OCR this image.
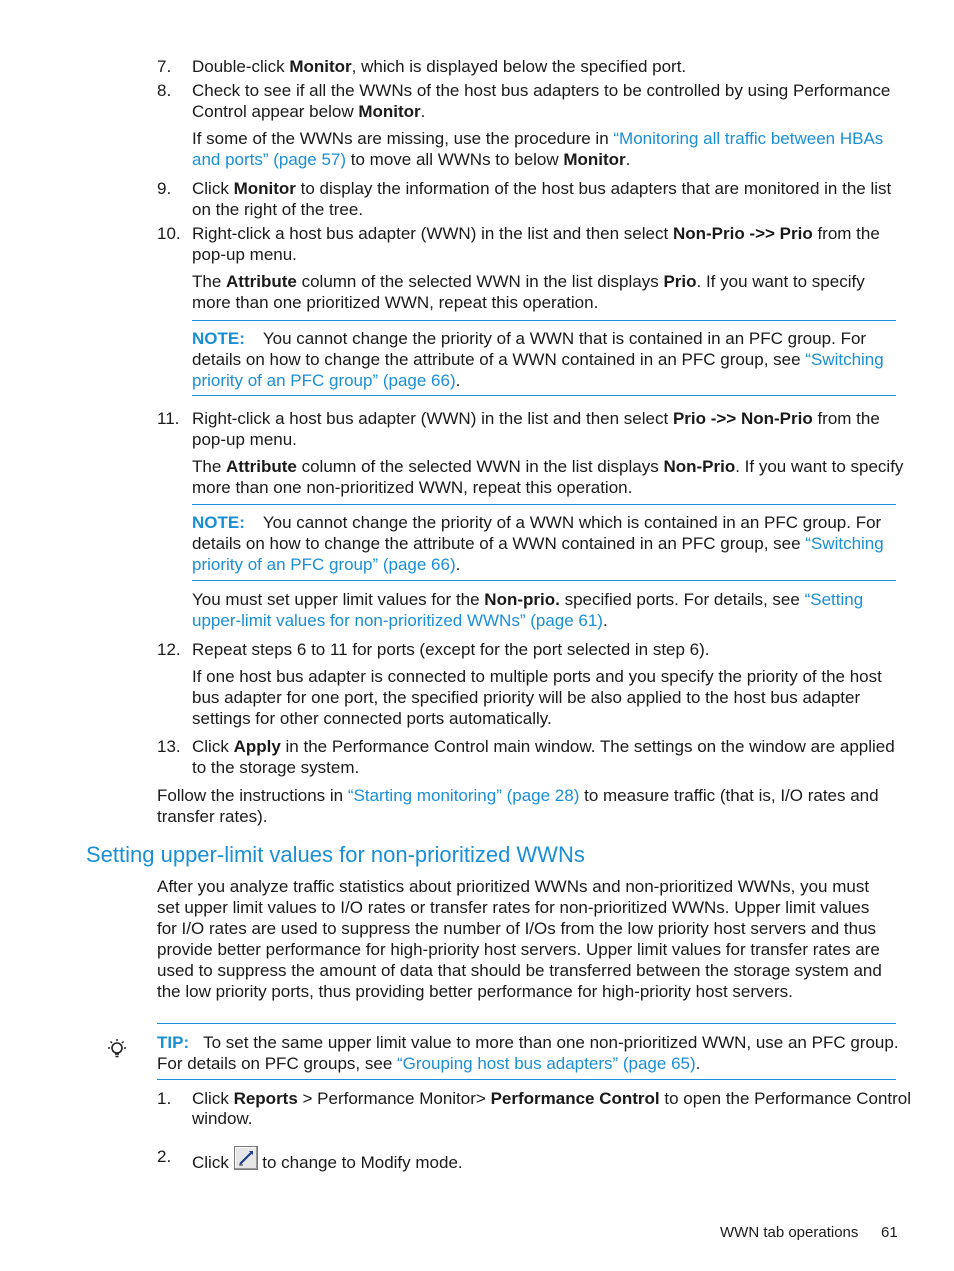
7.	Double-click Monitor, which is displayed below the specified port.

8.	Check to see if all the WWNs of the host bus adapters to be controlled by using Performance

Control appear below Monitor.

If some of the WWNs are missing, use the procedure in “Monitoring all traffic between HBAs

and ports” (page 57) to move all WWNs to below Monitor.

9.	Click Monitor to display the information of the host bus adapters that are monitored in the list

on the right of the tree.

10. Right-click a host bus adapter (WWN) in the list and then select Non-Prio ->> Prio from the

pop-up menu.

The Attribute column of the selected WWN in the list displays Prio. If you want to specify

more than one prioritized WWN, repeat this operation.

NOTE: You cannot change the priority of a WWN that is contained in an PFC group. For

details on how to change the attribute of a WWN contained in an PFC group, see “Switching

priority of an PFC group” (page 66).

11. Right-click a host bus adapter (WWN) in the list and then select Prio ->> Non-Prio from the

pop-up menu.

The Attribute column of the selected WWN in the list displays Non-Prio. If you want to specify

more than one non-prioritized WWN, repeat this operation.

NOTE: You cannot change the priority of a WWN which is contained in an PFC group. For

details on how to change the attribute of a WWN contained in an PFC group, see “Switching

priority of an PFC group” (page 66).

You must set upper limit values for the Non-prio. specified ports. For details, see “Setting

upper-limit values for non-prioritized WWNs” (page 61).

12. Repeat steps 6 to 11 for ports (except for the port selected in step 6).

If one host bus adapter is connected to multiple ports and you specify the priority of the host

bus adapter for one port, the specified priority will be also applied to the host bus adapter

settings for other connected ports automatically.

13. Click Apply in the Performance Control main window. The settings on the window are applied

to the storage system.

Follow the instructions in “Starting monitoring” (page 28) to measure traffic (that is, I/O rates and

transfer rates).

Setting upper-limit values for non-prioritized WWNs

After you analyze traffic statistics about prioritized WWNs and non-prioritized WWNs, you must

set upper limit values to I/O rates or transfer rates for non-prioritized WWNs. Upper limit values

for I/O rates are used to suppress the number of I/Os from the low priority host servers and thus

provide better performance for high-priority host servers. Upper limit values for transfer rates are

used to suppress the amount of data that should be transferred between the storage system and

the low priority ports, thus providing better performance for high-priority host servers.

TIP: To set the same upper limit value to more than one non-prioritized WWN, use an PFC group.

For details on PFC groups, see “Grouping host bus adapters” (page 65).

1.	Click Reports > Performance Monitor> Performance Control to open the Performance Control

window.

2.	Click
to change to Modify mode.

WWN tab operations 61
